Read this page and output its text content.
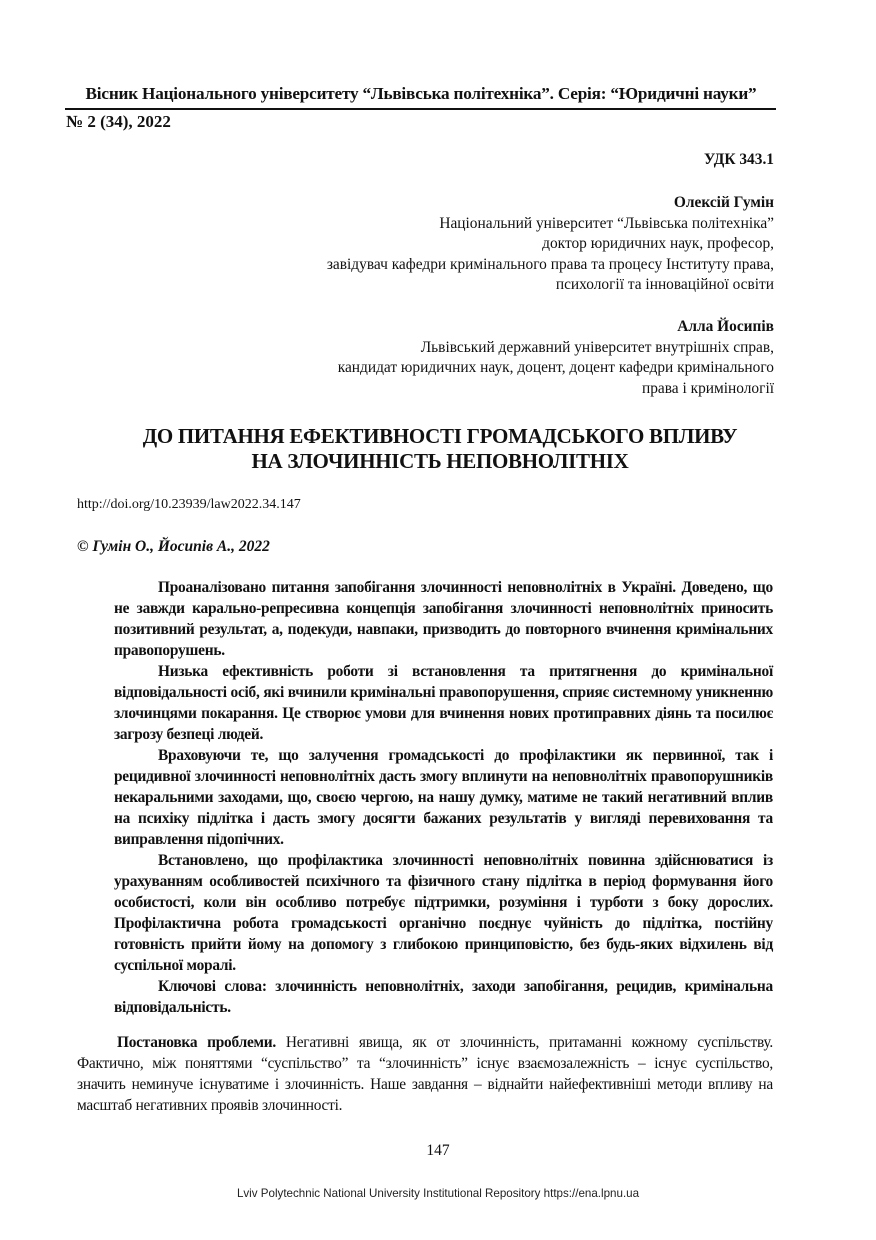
Вісник Національного університету “Львівська політехніка”. Серія: “Юридичні науки”
№ 2 (34), 2022
УДК 343.1
Олексій Гумін
Національний університет “Львівська політехніка”
доктор юридичних наук, професор,
завідувач кафедри кримінального права та процесу Інституту права,
психології та інноваційної освіти
Алла Йосипів
Львівський державний університет внутрішніх справ,
кандидат юридичних наук, доцент, доцент кафедри кримінального
права і кримінології
ДО ПИТАННЯ ЕФЕКТИВНОСТІ ГРОМАДСЬКОГО ВПЛИВУ
НА ЗЛОЧИННІСТЬ НЕПОВНОЛІТНІХ
http://doi.org/10.23939/law2022.34.147
© Гумін О., Йосипів А., 2022

Проаналізовано питання запобігання злочинності неповнолітніх в Україні. Доведено, що не завжди карально-репресивна концепція запобігання злочинності неповнолітніх приносить позитивний результат, а, подекуди, навпаки, призводить до повторного вчинення кримінальних правопорушень.

Низька ефективність роботи зі встановлення та притягнення до кримінальної відповідальності осіб, які вчинили кримінальні правопорушення, сприяє системному уникненню злочинцями покарання. Це створює умови для вчинення нових протиправних діянь та посилює загрозу безпеці людей.

Враховуючи те, що залучення громадськості до профілактики як первинної, так і рецидивної злочинності неповнолітніх дасть змогу вплинути на неповнолітніх правопорушників некаральними заходами, що, своєю чергою, на нашу думку, матиме не такий негативний вплив на психіку підлітка і дасть змогу досягти бажаних результатів у вигляді перевиховання та виправлення підопічних.

Встановлено, що профілактика злочинності неповнолітніх повинна здійснюватися із урахуванням особливостей психічного та фізичного стану підлітка в період формування його особистості, коли він особливо потребує підтримки, розуміння і турботи з боку дорослих. Профілактична робота громадськості органічно поєднує чуйність до підлітка, постійну готовність прийти йому на допомогу з глибокою принциповістю, без будь-яких відхилень від суспільної моралі.

Ключові слова: злочинність неповнолітніх, заходи запобігання, рецидив, кримінальна відповідальність.

Постановка проблеми. Негативні явища, як от злочинність, притаманні кожному суспільству. Фактично, між поняттями “суспільство” та “злочинність” існує взаємозалежність – існує суспільство, значить неминуче існуватиме і злочинність. Наше завдання – віднайти найефективніші методи впливу на масштаб негативних проявів злочинності.

147
Lviv Polytechnic National University Institutional Repository https://ena.lpnu.ua
